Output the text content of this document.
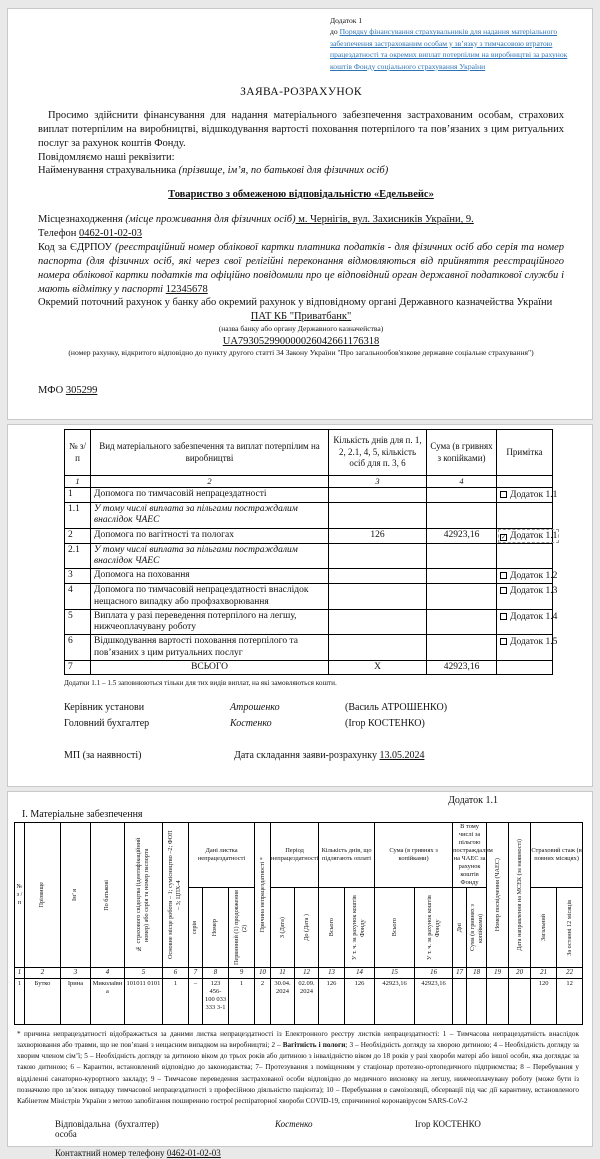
Додаток 1
до Порядку фінансування страхувальників для надання матеріального забезпечення застрахованим особам у зв’язку з тимчасовою втратою працездатності та окремих виплат потерпілим на виробництві за рахунок коштів Фонду соціального страхування України
ЗАЯВА-РОЗРАХУНОК

Просимо здійснити фінансування для надання матеріального забезпечення застрахованим особам, страхових виплат потерпілим на виробництві, відшкодування вартості поховання потерпілого та пов’язаних з цим ритуальних послуг за рахунок коштів Фонду.

Повідомляємо наші реквізити:
Найменування страхувальника (прізвище, ім’я, по батькові для фізичних осіб)
Товариство з обмеженою відповідальністю «Едельвейс»
Місцезнаходження (місце проживання для фізичних осіб) м. Чернігів, вул. Захисників України, 9.
Телефон 0462-01-02-03
Код за ЄДРПОУ (реєстраційний номер облікової картки платника податків - для фізичних осіб або серія та номер паспорта (для фізичних осіб, які через свої релігійні переконання відмовляються від прийняття реєстраційного номера облікової картки податків та офіційно повідомили про це відповідний орган державної податкової служби і мають відмітку у паспорті 12345678
Окремий поточний рахунок у банку або окремий рахунок у відповідному органі Державного казначейства України
ПАТ КБ "Приватбанк"
(назва банку або органу Державного казначейства)
UA793052990000026042661176318
(номер рахунку, відкритого відповідно до пункту другого статті 34 Закону України "Про загальнообов'язкове державне соціальне страхування")
МФО 305299
№ з/п	Вид матеріального забезпечення та виплат потерпілим на виробництві	Кількість днів для п. 1, 2, 2.1, 4, 5, кількість осіб для п. 3, 6	Сума (в гривнях з копійками)	Примітка
1	2	3	4	
1	Допомога по тимчасовій непрацездатності			Додаток 1.1
1.1	У тому числі виплата за пільгами постраждалим внаслідок ЧАЕС			
2	Допомога по вагітності та пологах	126	42923,16	✓ Додаток 1.1
2.1	У тому числі виплата за пільгами постраждалим внаслідок ЧАЕС			
3	Допомога на поховання			Додаток 1.2
4	Допомога по тимчасовій непрацездатності внаслідок нещасного випадку або профзахворювання			Додаток 1.3
5	Виплата у разі переведення потерпілого на легшу, нижчеоплачувану роботу			Додаток 1.4
6	Відшкодування вартості поховання потерпілого та пов’язаних з цим ритуальних послуг			Додаток 1.5
7	ВСЬОГО	Х	42923,16	
Додатки 1.1 – 1.5 заповнюються тільки для тих видів виплат, на які замовляються кошти.
Керівник установи	Атрошенко	(Василь АТРОШЕНКО)
Головний бухгалтер	Костенко	(Ігор КОСТЕНКО)
МП (за наявності)	Дата складання заяви-розрахунку 13.05.2024
Додаток 1.1
І. Матеріальне забезпечення
№ з / п	Прізвище	Ім’ я	По батькові	№ страхового свідоцтва (ідентифікаційний номер) або серія та номер паспорта	Основне місце роботи – 1; сумісництво –2; ФОП – 3; ЦПХ-4	Дані листка непрацездатності			Причина непрацездатності *	Період непрацездатності		Кількість днів, що підлягають оплаті		Сума (в гривнях з копійками)		В тому числі за пільгою постраждалим на ЧАЕС за рахунок коштів Фонду		Номер посвідчення (ЧАЕС)	Дата направлення на МСЕК (за наявності)	Страховий стаж (в повних місяцях)	

						серія	Номер	Первинний (1) продовження (2)		З (Дата)	До (Дата )	Всього	У т. ч. за рахунок коштів Фонду	Всього	У т. ч. за рахунок коштів Фонду	Дні	Сума (в гривнях з копійками)			Загальний	За останні 12 місяців

1	2	3	4	5	6	7	8	9	10	11	12	13	14	15	16	17	18	19	20	21	22
1	Бутко	Ірина	Миколаївна	101011 0101	1	–	123 456- 100 033 333 3-1	1	2	30.04. 2024	02.09. 2024	126	126	42923,16	42923,16					120	12
* причина непрацездатності відображається за даними листка непрацездатності із Електронного реєстру листків непрацездатності: 1 – Тимчасова непрацездатність внаслідок захворювання або травми, що не пов’язані з нещасним випадком на виробництві; 2 – Вагітність і пологи; 3 – Необхідність догляду за хворою дитиною; 4 – Необхідність догляду за хворим членом сім’ї; 5 – Необхідність догляду за дитиною віком до трьох років або дитиною з інвалідністю віком до 18 років у разі хвороби матері або іншої особи, яка доглядає за такою дитиною; 6 – Карантин, встановлений відповідно до законодавства; 7– Протезування з поміщенням у стаціонар протезно-ортопедичного підприємства; 8 – Перебування у відділенні санаторно-курортного закладу; 9 – Тимчасове переведення застрахованої особи відповідно до медичного висновку на легшу, нижчеоплачувану роботу (може бути із позначкою про зв’язок випадку тимчасової непрацездатності з професійною діяльністю пацієнта); 10 – Перебування в самоізоляції, обсервації під час дії карантину, встановленого Кабінетом Міністрів України з метою запобігання поширенню гострої респіраторної хвороби COVID-19, спричиненої коронавірусом SARS-CoV-2
Відповідальна особа
(бухгалтер)	Костенко	Ігор КОСТЕНКО
Контактний номер телефону 0462-01-02-03
